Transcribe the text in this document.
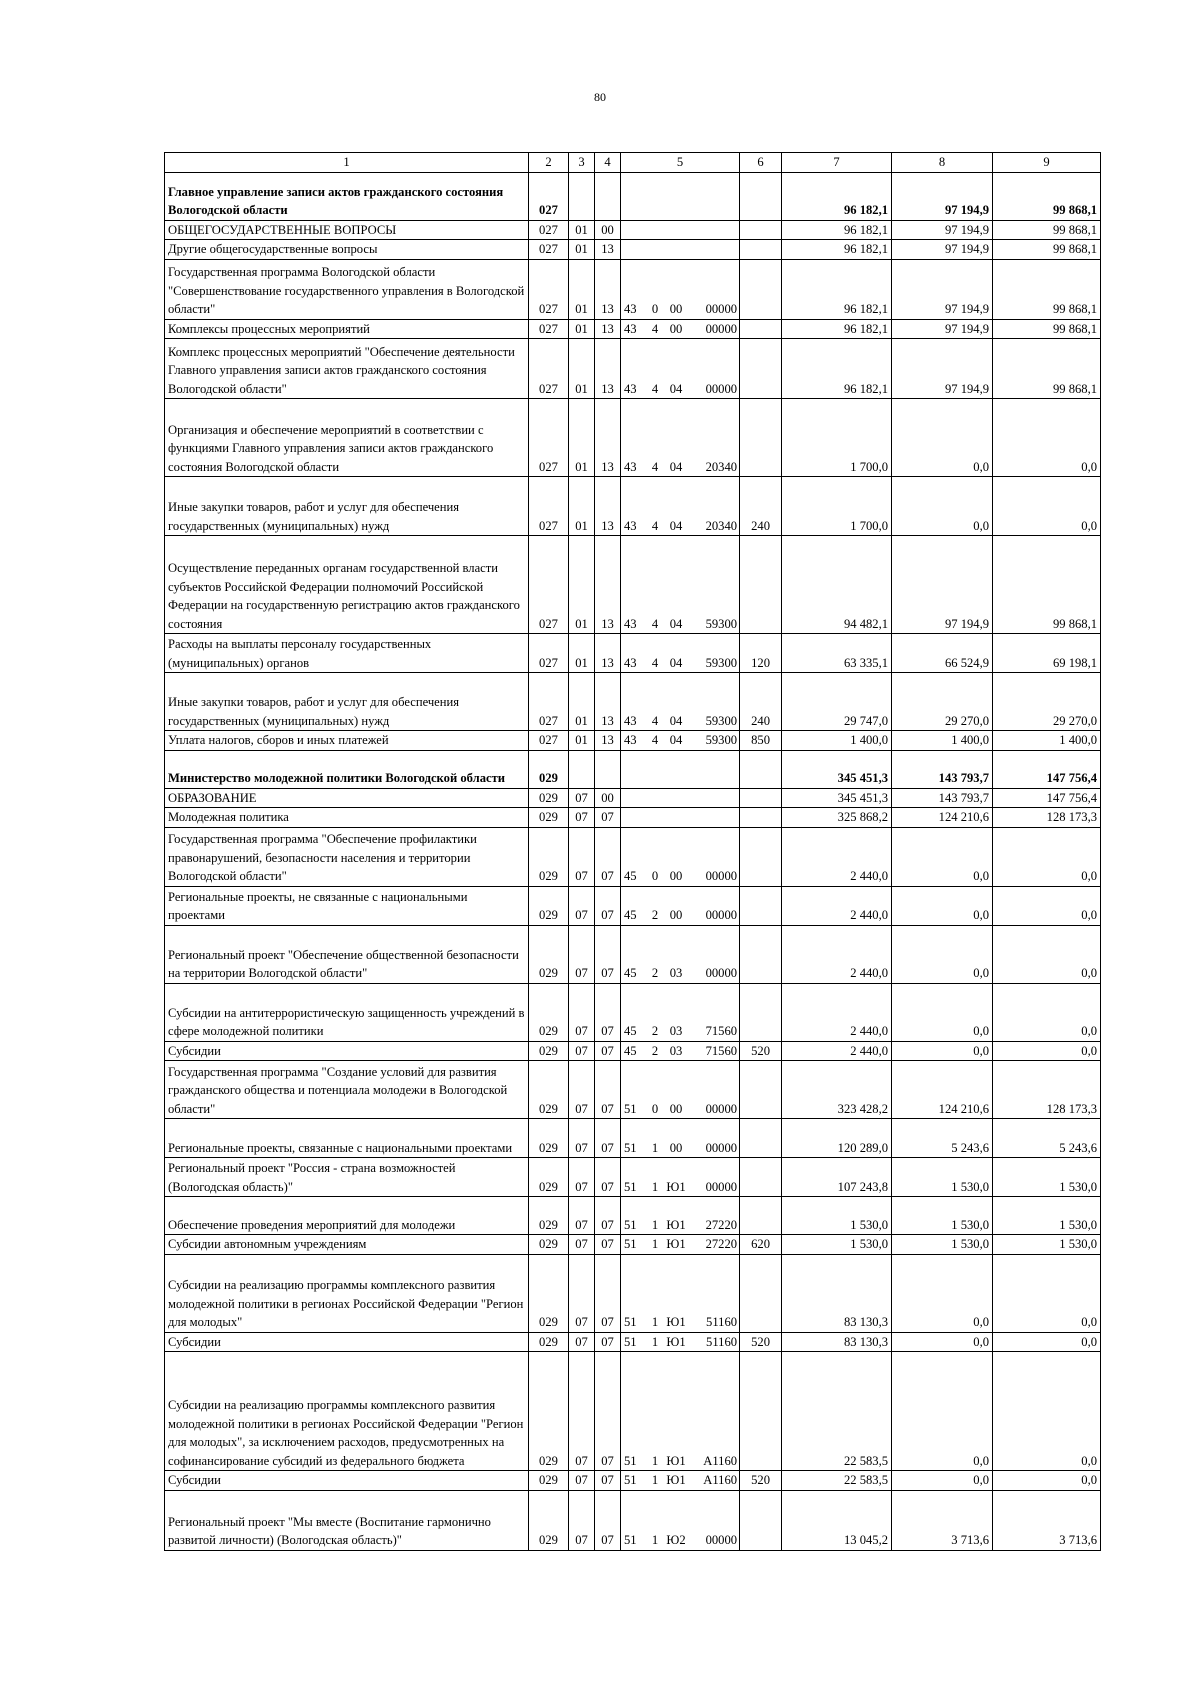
80
1	2	3	4	5				6	7	8	9
Главное управление записи актов гражданского состояния Вологодской области	027								96 182,1	97 194,9	99 868,1
ОБЩЕГОСУДАРСТВЕННЫЕ ВОПРОСЫ	027	01	00						96 182,1	97 194,9	99 868,1
Другие общегосударственные вопросы	027	01	13						96 182,1	97 194,9	99 868,1
Государственная программа Вологодской области "Совершенствование государственного управления в Вологодской области"	027	01	13	43	0	00	00000		96 182,1	97 194,9	99 868,1
Комплексы процессных мероприятий	027	01	13	43	4	00	00000		96 182,1	97 194,9	99 868,1
Комплекс процессных мероприятий "Обеспечение деятельности Главного управления записи актов гражданского состояния Вологодской области"	027	01	13	43	4	04	00000		96 182,1	97 194,9	99 868,1
Организация и обеспечение мероприятий в соответствии с функциями Главного управления записи актов гражданского состояния Вологодской области	027	01	13	43	4	04	20340		1 700,0	0,0	0,0
Иные закупки товаров, работ и услуг для обеспечения государственных (муниципальных) нужд	027	01	13	43	4	04	20340	240	1 700,0	0,0	0,0
Осуществление переданных органам государственной власти субъектов Российской Федерации полномочий Российской Федерации на государственную регистрацию актов гражданского состояния	027	01	13	43	4	04	59300		94 482,1	97 194,9	99 868,1
Расходы на выплаты персоналу государственных (муниципальных) органов	027	01	13	43	4	04	59300	120	63 335,1	66 524,9	69 198,1
Иные закупки товаров, работ и услуг для обеспечения государственных (муниципальных) нужд	027	01	13	43	4	04	59300	240	29 747,0	29 270,0	29 270,0
Уплата налогов, сборов и иных платежей	027	01	13	43	4	04	59300	850	1 400,0	1 400,0	1 400,0
Министерство молодежной политики Вологодской области	029								345 451,3	143 793,7	147 756,4
ОБРАЗОВАНИЕ	029	07	00						345 451,3	143 793,7	147 756,4
Молодежная политика	029	07	07						325 868,2	124 210,6	128 173,3
Государственная программа "Обеспечение профилактики правонарушений, безопасности населения и территории Вологодской области"	029	07	07	45	0	00	00000		2 440,0	0,0	0,0
Региональные проекты, не связанные с национальными проектами	029	07	07	45	2	00	00000		2 440,0	0,0	0,0
Региональный проект "Обеспечение общественной безопасности на территории Вологодской области"	029	07	07	45	2	03	00000		2 440,0	0,0	0,0
Субсидии на антитеррористическую защищенность учреждений в сфере молодежной политики	029	07	07	45	2	03	71560		2 440,0	0,0	0,0
Субсидии	029	07	07	45	2	03	71560	520	2 440,0	0,0	0,0
Государственная программа "Создание условий для развития гражданского общества и потенциала молодежи в Вологодской области"	029	07	07	51	0	00	00000		323 428,2	124 210,6	128 173,3
Региональные проекты, связанные с национальными проектами	029	07	07	51	1	00	00000		120 289,0	5 243,6	5 243,6
Региональный проект "Россия - страна возможностей (Вологодская область)"	029	07	07	51	1	Ю1	00000		107 243,8	1 530,0	1 530,0
Обеспечение проведения мероприятий для молодежи	029	07	07	51	1	Ю1	27220		1 530,0	1 530,0	1 530,0
Субсидии автономным учреждениям	029	07	07	51	1	Ю1	27220	620	1 530,0	1 530,0	1 530,0
Субсидии на реализацию программы комплексного развития молодежной политики в регионах Российской Федерации "Регион для молодых"	029	07	07	51	1	Ю1	51160		83 130,3	0,0	0,0
Субсидии	029	07	07	51	1	Ю1	51160	520	83 130,3	0,0	0,0
Субсидии на реализацию программы комплексного развития молодежной политики в регионах Российской Федерации "Регион для молодых", за исключением расходов, предусмотренных на софинансирование субсидий из федерального бюджета	029	07	07	51	1	Ю1	А1160		22 583,5	0,0	0,0
Субсидии	029	07	07	51	1	Ю1	А1160	520	22 583,5	0,0	0,0
Региональный проект "Мы вместе (Воспитание гармонично развитой личности) (Вологодская область)"	029	07	07	51	1	Ю2	00000		13 045,2	3 713,6	3 713,6
